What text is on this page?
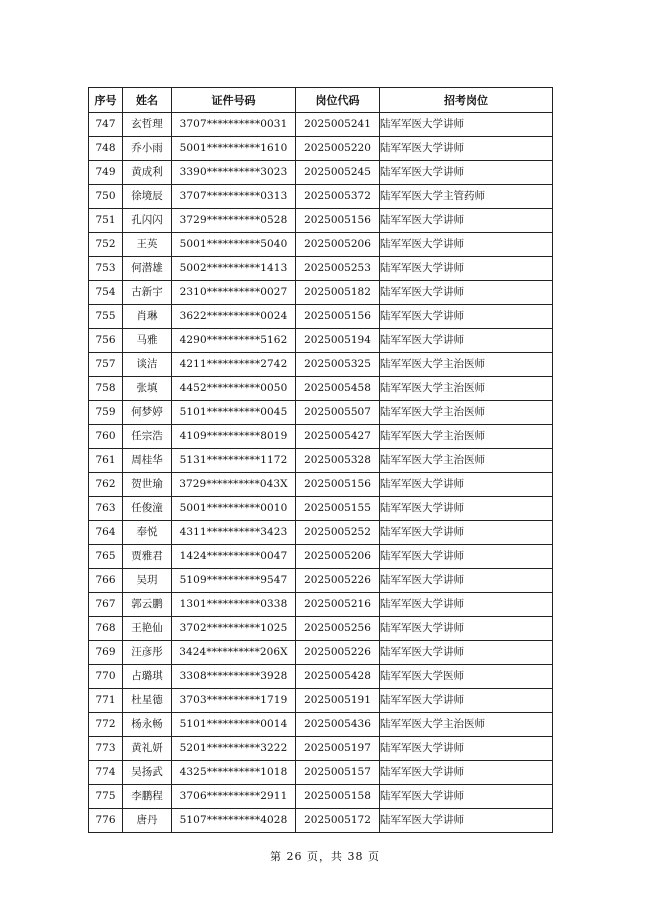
序号	姓名	证件号码	岗位代码	招考岗位
747	玄哲理	3707**********0031	2025005241	陆军军医大学讲师
748	乔小雨	5001**********1610	2025005220	陆军军医大学讲师
749	黄成利	3390**********3023	2025005245	陆军军医大学讲师
750	徐境辰	3707**********0313	2025005372	陆军军医大学主管药师
751	孔闪闪	3729**********0528	2025005156	陆军军医大学讲师
752	王英	5001**********5040	2025005206	陆军军医大学讲师
753	何潜雄	5002**********1413	2025005253	陆军军医大学讲师
754	古新宇	2310**********0027	2025005182	陆军军医大学讲师
755	肖琳	3622**********0024	2025005156	陆军军医大学讲师
756	马雅	4290**********5162	2025005194	陆军军医大学讲师
757	谈洁	4211**********2742	2025005325	陆军军医大学主治医师
758	张填	4452**********0050	2025005458	陆军军医大学主治医师
759	何梦婷	5101**********0045	2025005507	陆军军医大学主治医师
760	任宗浩	4109**********8019	2025005427	陆军军医大学主治医师
761	周桂华	5131**********1172	2025005328	陆军军医大学主治医师
762	贺世瑜	3729**********043X	2025005156	陆军军医大学讲师
763	任俊潼	5001**********0010	2025005155	陆军军医大学讲师
764	奉悦	4311**********3423	2025005252	陆军军医大学讲师
765	贾雅君	1424**********0047	2025005206	陆军军医大学讲师
766	吴玥	5109**********9547	2025005226	陆军军医大学讲师
767	郭云鹏	1301**********0338	2025005216	陆军军医大学讲师
768	王艳仙	3702**********1025	2025005256	陆军军医大学讲师
769	汪彦彤	3424**********206X	2025005226	陆军军医大学讲师
770	占璐琪	3308**********3928	2025005428	陆军军医大学医师
771	杜星德	3703**********1719	2025005191	陆军军医大学讲师
772	杨永畅	5101**********0014	2025005436	陆军军医大学主治医师
773	黄礼妍	5201**********3222	2025005197	陆军军医大学讲师
774	吴扬武	4325**********1018	2025005157	陆军军医大学讲师
775	李鹏程	3706**********2911	2025005158	陆军军医大学讲师
776	唐丹	5107**********4028	2025005172	陆军军医大学讲师
第 26 页，共 38 页
